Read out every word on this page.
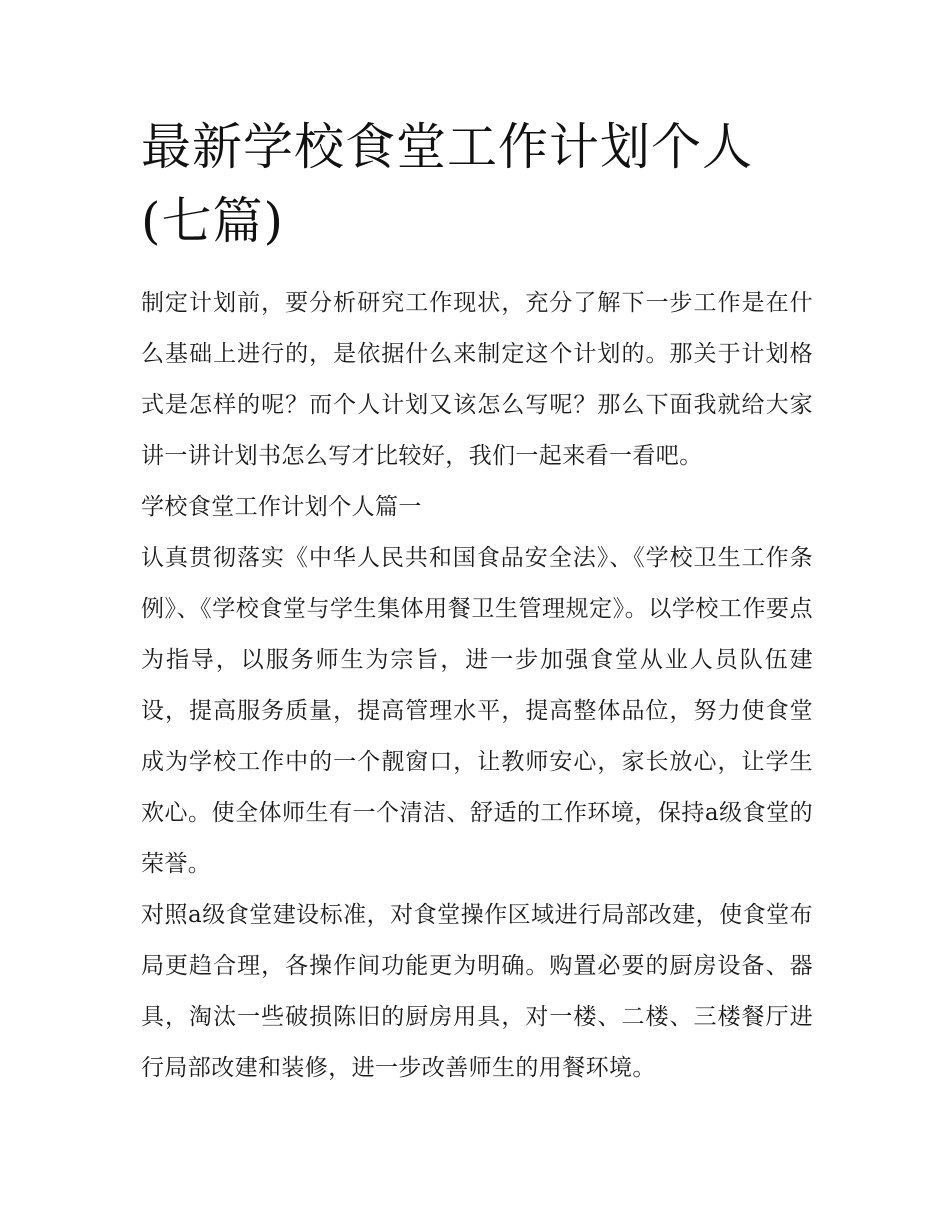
最新学校食堂工作计划个人(七篇)

制定计划前，要分析研究工作现状，充分了解下一步工作是在什么基础上进行的，是依据什么来制定这个计划的。那关于计划格式是怎样的呢？而个人计划又该怎么写呢？那么下面我就给大家讲一讲计划书怎么写才比较好，我们一起来看一看吧。

学校食堂工作计划个人篇一

认真贯彻落实《中华人民共和国食品安全法》、《学校卫生工作条例》、《学校食堂与学生集体用餐卫生管理规定》。以学校工作要点为指导，以服务师生为宗旨，进一步加强食堂从业人员队伍建设，提高服务质量，提高管理水平，提高整体品位，努力使食堂成为学校工作中的一个靓窗口，让教师安心，家长放心，让学生欢心。使全体师生有一个清洁、舒适的工作环境，保持a级食堂的荣誉。

对照a级食堂建设标准，对食堂操作区域进行局部改建，使食堂布局更趋合理，各操作间功能更为明确。购置必要的厨房设备、器具，淘汰一些破损陈旧的厨房用具，对一楼、二楼、三楼餐厅进行局部改建和装修，进一步改善师生的用餐环境。
